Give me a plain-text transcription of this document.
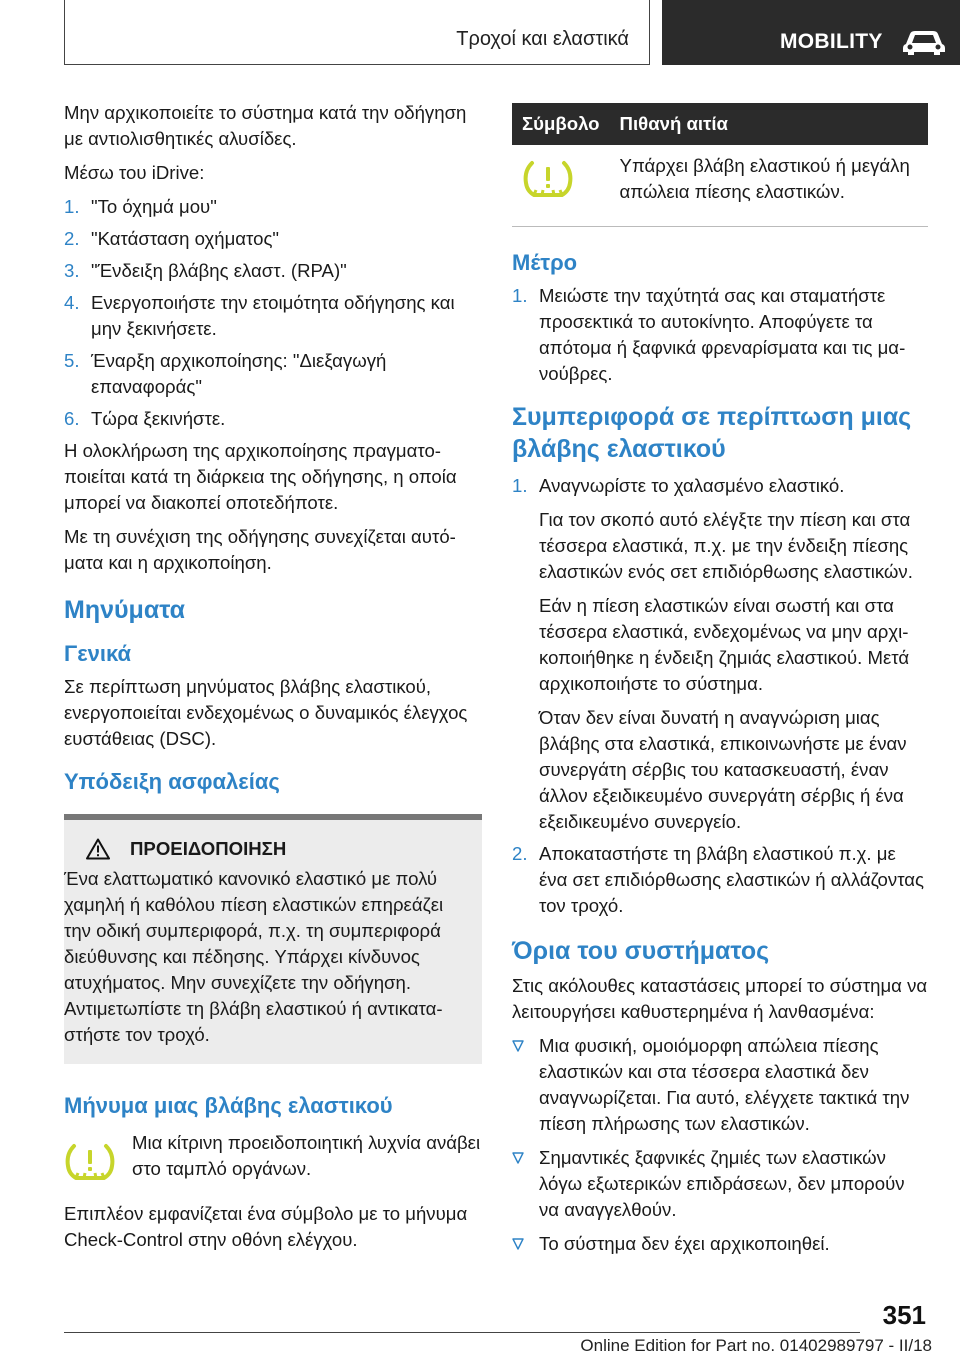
Τροχοί και ελαστικά	MOBILITY

Μην αρχικοποιείτε το σύστημα κατά την οδήγηση με αντιολισθητικές αλυσίδες.

Μέσω του iDrive:

1. "Το όχημά μου"
2. "Κατάσταση οχήματος"
3. "Ένδειξη βλάβης ελαστ. (RPA)"
4. Ενεργοποιήστε την ετοιμότητα οδήγησης και μην ξεκινήσετε.
5. Έναρξη αρχικοποίησης: "Διεξαγωγή επαναφοράς"
6. Τώρα ξεκινήστε.

Η ολοκλήρωση της αρχικοποίησης πραγματοποιείται κατά τη διάρκεια της οδήγησης, η οποία μπορεί να διακοπεί οποτεδήποτε.

Με τη συνέχιση της οδήγησης συνεχίζεται αυτόματα και η αρχικοποίηση.

Μηνύματα
Γενικά

Σε περίπτωση μηνύματος βλάβης ελαστικού, ενεργοποιείται ενδεχομένως ο δυναμικός έλεγχος ευστάθειας (DSC).

Υπόδειξη ασφαλείας
ΠΡΟΕΙΔΟΠΟΙΗΣΗ
Ένα ελαττωματικό κανονικό ελαστικό με πολύ χαμηλή ή καθόλου πίεση ελαστικών επηρεάζει την οδική συμπεριφορά, π.χ. τη συμπεριφορά διεύθυνσης και πέδησης. Υπάρχει κίνδυνος ατυχήματος. Μην συνεχίζετε την οδήγηση. Αντιμετωπίστε τη βλάβη ελαστικού ή αντικαταστήστε τον τροχό.
Μήνυμα μιας βλάβης ελαστικού
Μια κίτρινη προειδοποιητική λυχνία ανάβει στο ταμπλό οργάνων.

Επιπλέον εμφανίζεται ένα σύμβολο με το μήνυμα Check-Control στην οθόνη ελέγχου.

Σύμβολο	Πιθανή αιτία
	Υπάρχει βλάβη ελαστικού ή μεγάλη απώλεια πίεσης ελαστικών.
Μέτρο
1. Μειώστε την ταχύτητά σας και σταματήστε προσεκτικά το αυτοκίνητο. Αποφύγετε τα απότομα ή ξαφνικά φρεναρίσματα και τις μανούβρες.
Συμπεριφορά σε περίπτωση μιας βλάβης ελαστικού
1. Αναγνωρίστε το χαλασμένο ελαστικό.
Για τον σκοπό αυτό ελέγξτε την πίεση και στα τέσσερα ελαστικά, π.χ. με την ένδειξη πίεσης ελαστικών ενός σετ επιδιόρθωσης ελαστικών.
Εάν η πίεση ελαστικών είναι σωστή και στα τέσσερα ελαστικά, ενδεχομένως να μην αρχικοποιήθηκε η ένδειξη ζημιάς ελαστικού. Μετά αρχικοποιήστε το σύστημα.
Όταν δεν είναι δυνατή η αναγνώριση μιας βλάβης στα ελαστικά, επικοινωνήστε με έναν συνεργάτη σέρβις του κατασκευαστή, έναν άλλον εξειδικευμένο συνεργάτη σέρβις ή ένα εξειδικευμένο συνεργείο.
2. Αποκαταστήστε τη βλάβη ελαστικού π.χ. με ένα σετ επιδιόρθωσης ελαστικών ή αλλάζοντας τον τροχό.
Όρια του συστήματος

Στις ακόλουθες καταστάσεις μπορεί το σύστημα να λειτουργήσει καθυστερημένα ή λανθασμένα:

Μια φυσική, ομοιόμορφη απώλεια πίεσης ελαστικών και στα τέσσερα ελαστικά δεν αναγνωρίζεται. Για αυτό, ελέγχετε τακτικά την πίεση πλήρωσης των ελαστικών.
Σημαντικές ξαφνικές ζημιές των ελαστικών λόγω εξωτερικών επιδράσεων, δεν μπορούν να αναγγελθούν.
Το σύστημα δεν έχει αρχικοποιηθεί.
351
Online Edition for Part no. 01402989797 - II/18
